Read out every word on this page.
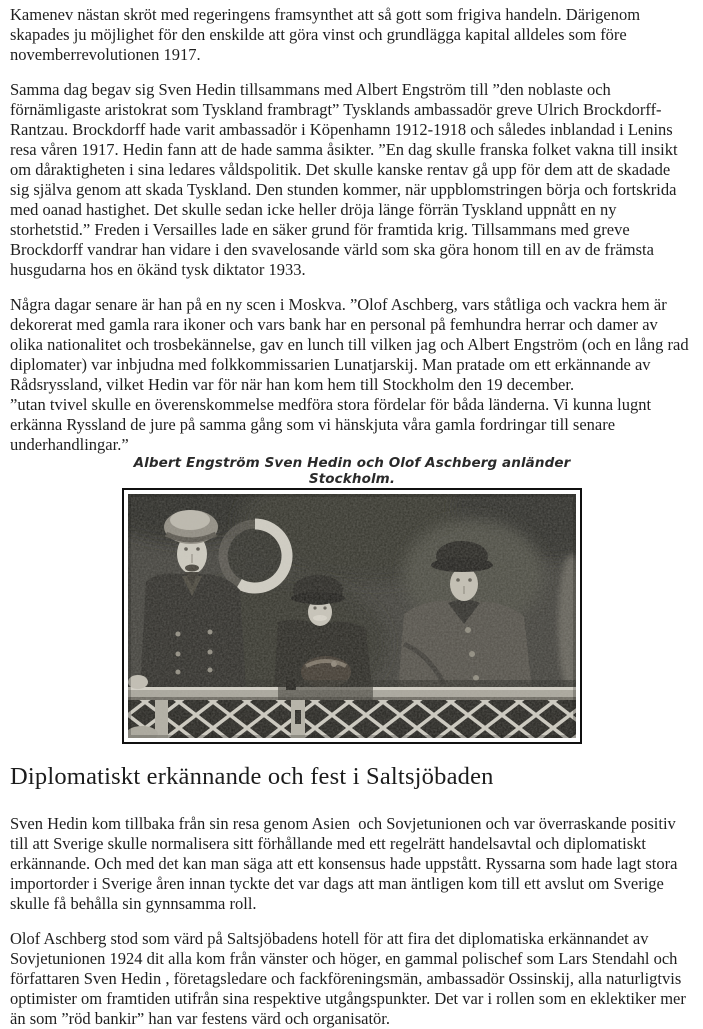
Kamenev nästan skröt med regeringens framsynthet att så gott som frigiva handeln. Därigenom skapades ju möjlighet för den enskilde att göra vinst och grundlägga kapital alldeles som före novemberrevolutionen 1917.
Samma dag begav sig Sven Hedin tillsammans med Albert Engström till ”den noblaste och förnämligaste aristokrat som Tyskland frambragt” Tysklands ambassadör greve Ulrich Brockdorff-Rantzau. Brockdorff hade varit ambassadör i Köpenhamn 1912-1918 och således inblandad i Lenins resa våren 1917. Hedin fann att de hade samma åsikter. ”En dag skulle franska folket vakna till insikt om dåraktigheten i sina ledares våldspolitik. Det skulle kanske rentav gå upp för dem att de skadade sig själva genom att skada Tyskland. Den stunden kommer, när uppblomstringen börja och fortskrida med oanad hastighet. Det skulle sedan icke heller dröja länge förrän Tyskland uppnått en ny storhetstid.” Freden i Versailles lade en säker grund för framtida krig. Tillsammans med greve Brockdorff vandrar han vidare i den svavelosande värld som ska göra honom till en av de främsta husgudarna hos en ökänd tysk diktator 1933.
Några dagar senare är han på en ny scen i Moskva. ”Olof Aschberg, vars ståtliga och vackra hem är dekorerat med gamla rara ikoner och vars bank har en personal på femhundra herrar och damer av olika nationalitet och trosbekännelse, gav en lunch till vilken jag och Albert Engström (och en lång rad diplomater) var inbjudna med folkkommissarien Lunatjarskij. Man pratade om ett erkännande av Rådsryssland, vilket Hedin var för när han kom hem till Stockholm den 19 december.
”utan tvivel skulle en överenskommelse medföra stora fördelar för båda länderna. Vi kunna lugnt erkänna Ryssland de jure på samma gång som vi hänskjuta våra gamla fordringar till senare underhandlingar.”
Albert Engström Sven Hedin och Olof Aschberg anländer Stockholm.
Diplomatiskt erkännande och fest i Saltsjöbaden
Sven Hedin kom tillbaka från sin resa genom Asien  och Sovjetunionen och var överraskande positiv till att Sverige skulle normalisera sitt förhållande med ett regelrätt handelsavtal och diplomatiskt erkännande. Och med det kan man säga att ett konsensus hade uppstått. Ryssarna som hade lagt stora importorder i Sverige åren innan tyckte det var dags att man äntligen kom till ett avslut om Sverige skulle få behålla sin gynnsamma roll.
Olof Aschberg stod som värd på Saltsjöbadens hotell för att fira det diplomatiska erkännandet av Sovjetunionen 1924 dit alla kom från vänster och höger, en gammal polischef som Lars Stendahl och författaren Sven Hedin , företagsledare och fackföreningsmän, ambassadör Ossinskij, alla naturligtvis optimister om framtiden utifrån sina respektive utgångspunkter. Det var i rollen som en eklektiker mer än som ”röd bankir” han var festens värd och organisatör.
